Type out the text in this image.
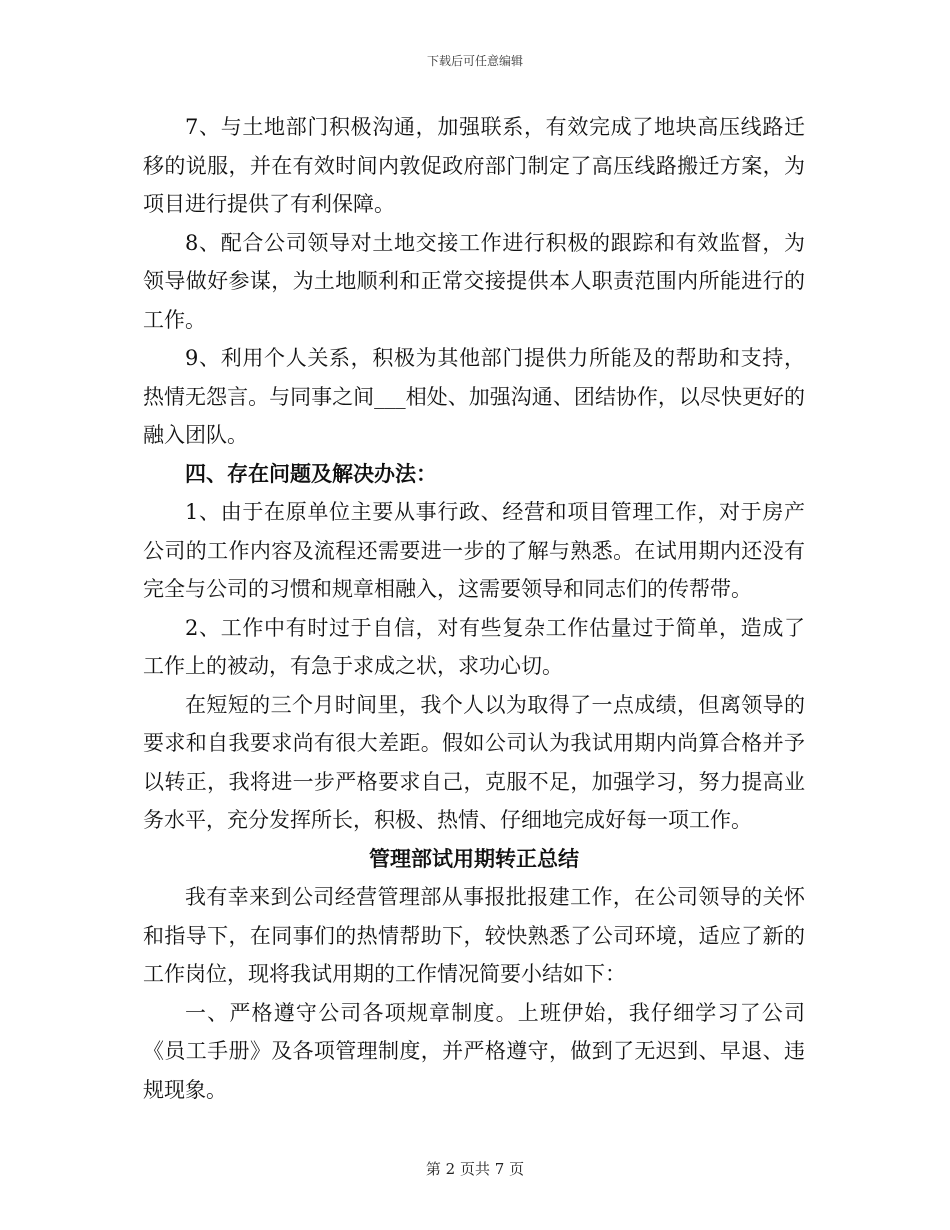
下载后可任意编辑

7、与土地部门积极沟通，加强联系，有效完成了地块高压线路迁移的说服，并在有效时间内敦促政府部门制定了高压线路搬迁方案，为项目进行提供了有利保障。

8、配合公司领导对土地交接工作进行积极的跟踪和有效监督，为领导做好参谋，为土地顺利和正常交接提供本人职责范围内所能进行的工作。

9、利用个人关系，积极为其他部门提供力所能及的帮助和支持，热情无怨言。与同事之间___相处、加强沟通、团结协作，以尽快更好的融入团队。

四、存在问题及解决办法：

1、由于在原单位主要从事行政、经营和项目管理工作，对于房产公司的工作内容及流程还需要进一步的了解与熟悉。在试用期内还没有完全与公司的习惯和规章相融入，这需要领导和同志们的传帮带。

2、工作中有时过于自信，对有些复杂工作估量过于简单，造成了工作上的被动，有急于求成之状，求功心切。

在短短的三个月时间里，我个人以为取得了一点成绩，但离领导的要求和自我要求尚有很大差距。假如公司认为我试用期内尚算合格并予以转正，我将进一步严格要求自己，克服不足，加强学习，努力提高业务水平，充分发挥所长，积极、热情、仔细地完成好每一项工作。

管理部试用期转正总结

我有幸来到公司经营管理部从事报批报建工作，在公司领导的关怀和指导下，在同事们的热情帮助下，较快熟悉了公司环境，适应了新的工作岗位，现将我试用期的工作情况简要小结如下：

一、严格遵守公司各项规章制度。上班伊始，我仔细学习了公司《员工手册》及各项管理制度，并严格遵守，做到了无迟到、早退、违规现象。

第 2 页共 7 页
